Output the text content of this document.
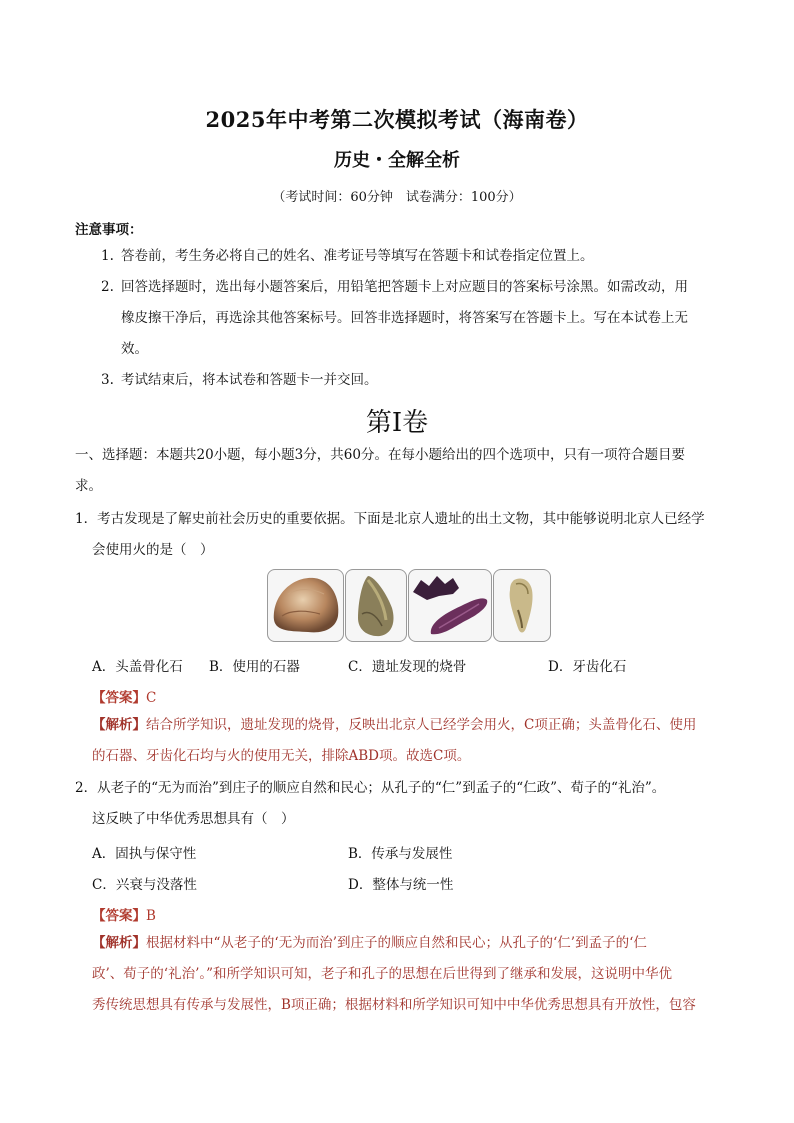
2025年中考第二次模拟考试（海南卷）
历史・全解全析
（考试时间：60分钟　试卷满分：100分）
注意事项：
1. 答卷前，考生务必将自己的姓名、准考证号等填写在答题卡和试卷指定位置上。
2. 回答选择题时，选出每小题答案后，用铅笔把答题卡上对应题目的答案标号涂黑。如需改动，用
橡皮擦干净后，再选涂其他答案标号。回答非选择题时，将答案写在答题卡上。写在本试卷上无
效。
3. 考试结束后，将本试卷和答题卡一并交回。
第Ⅰ卷
一、选择题：本题共20小题，每小题3分，共60分。在每小题给出的四个选项中，只有一项符合题目要
求。
1．考古发现是了解史前社会历史的重要依据。下面是北京人遗址的出土文物，其中能够说明北京人已经学
会使用火的是（　）
A．头盖骨化石 B．使用的石器	C．遗址发现的烧骨	D．牙齿化石
【答案】C
【解析】结合所学知识，遗址发现的烧骨，反映出北京人已经学会用火，C项正确；头盖骨化石、使用
的石器、牙齿化石均与火的使用无关，排除ABD项。故选C项。
2．从老子的“无为而治”到庄子的顺应自然和民心；从孔子的“仁”到孟子的“仁政”、荀子的“礼治”。
这反映了中华优秀思想具有（　）
A．固执与保守性	B．传承与发展性
C．兴衰与没落性	D．整体与统一性
【答案】B
【解析】根据材料中“从老子的‘无为而治’到庄子的顺应自然和民心；从孔子的‘仁’到孟子的‘仁
政’、荀子的‘礼治’。”和所学知识可知，老子和孔子的思想在后世得到了继承和发展，这说明中华优
秀传统思想具有传承与发展性，B项正确；根据材料和所学知识可知中中华优秀思想具有开放性，包容
